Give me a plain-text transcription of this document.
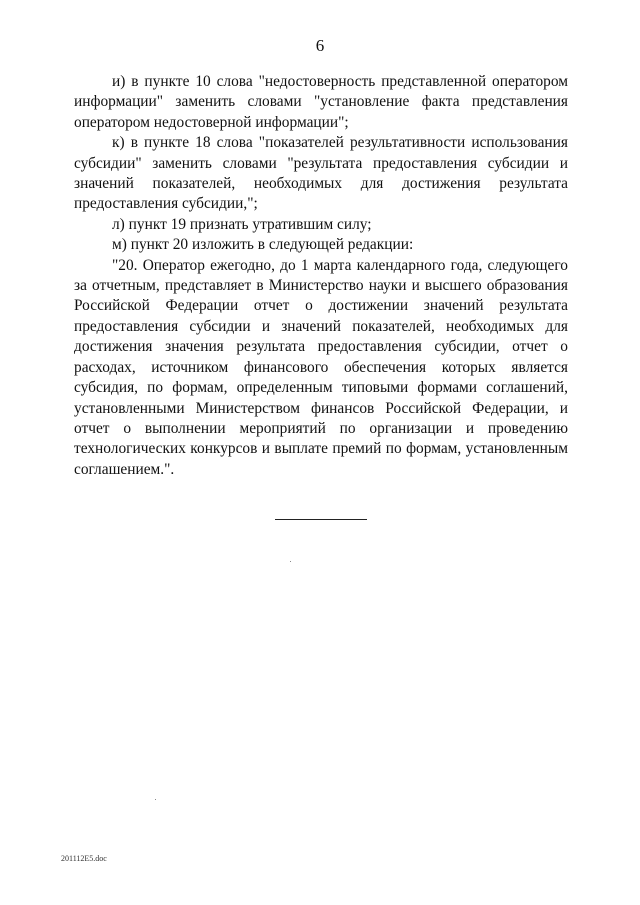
6

и) в пункте 10 слова "недостоверность представленной оператором информации" заменить словами "установление факта представления оператором недостоверной информации";

к) в пункте 18 слова "показателей результативности использования субсидии" заменить словами "результата предоставления субсидии и значений показателей, необходимых для достижения результата предоставления субсидии,";

л) пункт 19 признать утратившим силу;

м) пункт 20 изложить в следующей редакции:

"20. Оператор ежегодно, до 1 марта календарного года, следующего за отчетным, представляет в Министерство науки и высшего образования Российской Федерации отчет о достижении значений результата предоставления субсидии и значений показателей, необходимых для достижения значения результата предоставления субсидии, отчет о расходах, источником финансового обеспечения которых является субсидия, по формам, определенным типовыми формами соглашений, установленными Министерством финансов Российской Федерации, и отчет о выполнении мероприятий по организации и проведению технологических конкурсов и выплате премий по формам, установленным соглашением.".

201112E5.doc
